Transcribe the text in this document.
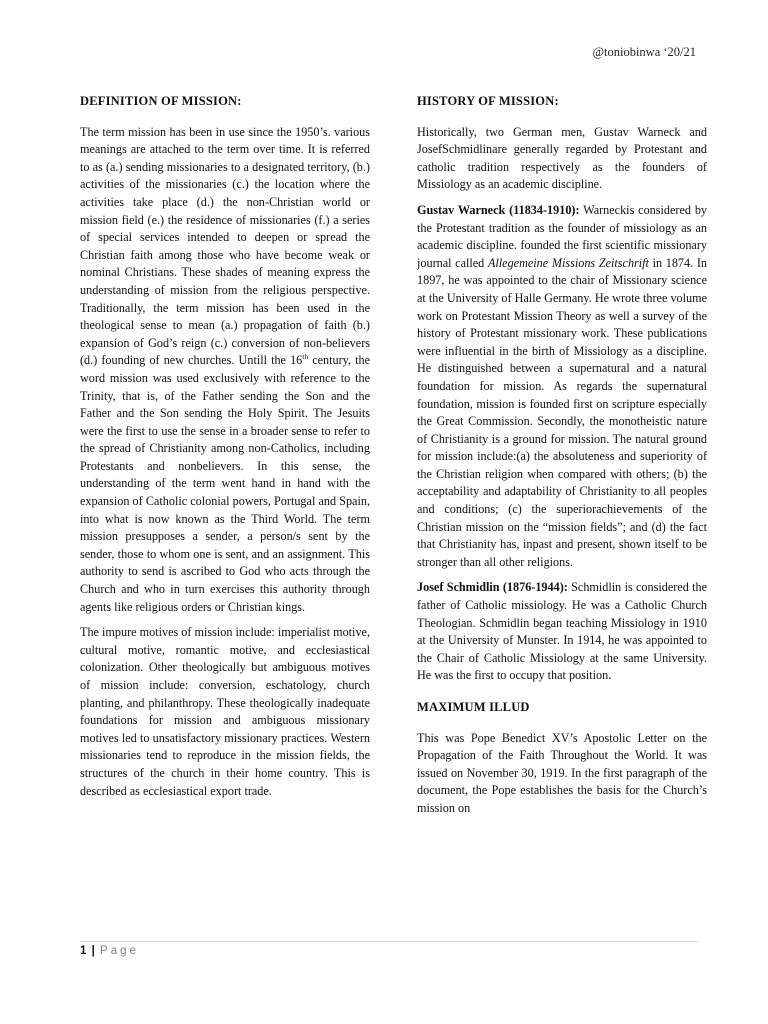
@toniobinwa ‘20/21
DEFINITION OF MISSION:

The term mission has been in use since the 1950’s. various meanings are attached to the term over time. It is referred to as (a.) sending missionaries to a designated territory, (b.) activities of the missionaries (c.) the location where the activities take place (d.) the non-Christian world or mission field (e.) the residence of missionaries (f.) a series of special services intended to deepen or spread the Christian faith among those who have become weak or nominal Christians. These shades of meaning express the understanding of mission from the religious perspective. Traditionally, the term mission has been used in the theological sense to mean (a.) propagation of faith (b.) expansion of God’s reign (c.) conversion of non-believers (d.) founding of new churches. Untill the 16th century, the word mission was used exclusively with reference to the Trinity, that is, of the Father sending the Son and the Father and the Son sending the Holy Spirit. The Jesuits were the first to use the sense in a broader sense to refer to the spread of Christianity among non-Catholics, including Protestants and nonbelievers. In this sense, the understanding of the term went hand in hand with the expansion of Catholic colonial powers, Portugal and Spain, into what is now known as the Third World. The term mission presupposes a sender, a person/s sent by the sender, those to whom one is sent, and an assignment. This authority to send is ascribed to God who acts through the Church and who in turn exercises this authority through agents like religious orders or Christian kings.

The impure motives of mission include: imperialist motive, cultural motive, romantic motive, and ecclesiastical colonization. Other theologically but ambiguous motives of mission include: conversion, eschatology, church planting, and philanthropy. These theologically inadequate foundations for mission and ambiguous missionary motives led to unsatisfactory missionary practices. Western missionaries tend to reproduce in the mission fields, the structures of the church in their home country. This is described as ecclesiastical export trade.

HISTORY OF MISSION:

Historically, two German men, Gustav Warneck and JosefSchmidlinare generally regarded by Protestant and catholic tradition respectively as the founders of Missiology as an academic discipline.

Gustav Warneck (11834-1910): Warneckis considered by the Protestant tradition as the founder of missiology as an academic discipline. founded the first scientific missionary journal called Allegemeine Missions Zeitschrift in 1874. In 1897, he was appointed to the chair of Missionary science at the University of Halle Germany. He wrote three volume work on Protestant Mission Theory as well a survey of the history of Protestant missionary work. These publications were influential in the birth of Missiology as a discipline. He distinguished between a supernatural and a natural foundation for mission. As regards the supernatural foundation, mission is founded first on scripture especially the Great Commission. Secondly, the monotheistic nature of Christianity is a ground for mission. The natural ground for mission include:(a) the absoluteness and superiority of the Christian religion when compared with others; (b) the acceptability and adaptability of Christianity to all peoples and conditions; (c) the superiorachievements of the Christian mission on the “mission fields”; and (d) the fact that Christianity has, inpast and present, shown itself to be stronger than all other religions.

Josef Schmidlin (1876-1944): Schmidlin is considered the father of Catholic missiology. He was a Catholic Church Theologian. Schmidlin began teaching Missiology in 1910 at the University of Munster. In 1914, he was appointed to the Chair of Catholic Missiology at the same University. He was the first to occupy that position.

MAXIMUM ILLUD

This was Pope Benedict XV’s Apostolic Letter on the Propagation of the Faith Throughout the World. It was issued on November 30, 1919. In the first paragraph of the document, the Pope establishes the basis for the Church’s mission on

1 | Page
